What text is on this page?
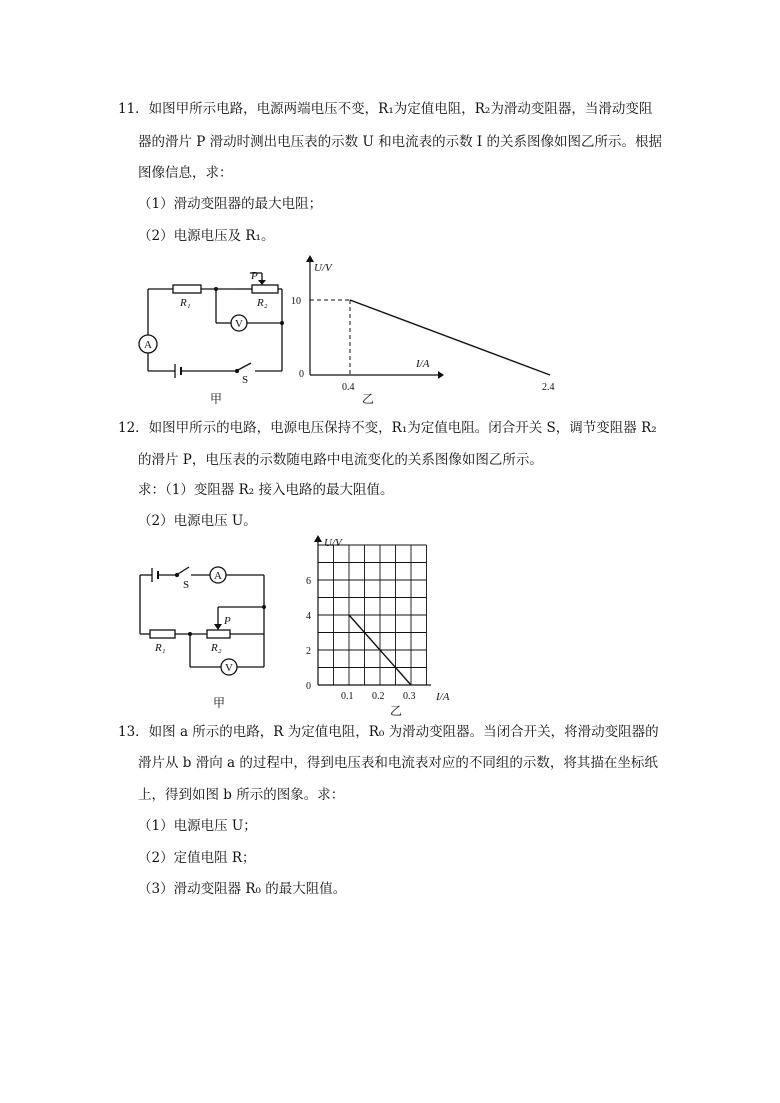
11．如图甲所示电路，电源两端电压不变，R₁为定值电阻，R₂为滑动变阻器，当滑动变阻
器的滑片 P 滑动时测出电压表的示数 U 和电流表的示数 I 的关系图像如图乙所示。根据
图像信息，求：
（1）滑动变阻器的最大电阻；
（2）电源电压及 R₁。
A
V
R₁	R₂
P
S
甲
0.4	2.4
10
U/V
I/A
0
乙
12．如图甲所示的电路，电源电压保持不变，R₁为定值电阻。闭合开关 S，调节变阻器 R₂
的滑片 P，电压表的示数随电路中电流变化的关系图像如图乙所示。
求：（1）变阻器 R₂ 接入电路的最大阻值。
（2）电源电压 U。
A
V
S
R₁	R₂
P
甲	0.1 0.2 0.3
2
4
6
U/V
I/A
0
乙
13．如图 a 所示的电路，R 为定值电阻，R₀ 为滑动变阻器。当闭合开关，将滑动变阻器的
滑片从 b 滑向 a 的过程中，得到电压表和电流表对应的不同组的示数，将其描在坐标纸
上，得到如图 b 所示的图象。求：
（1）电源电压 U；
（2）定值电阻 R；
（3）滑动变阻器 R₀ 的最大阻值。
